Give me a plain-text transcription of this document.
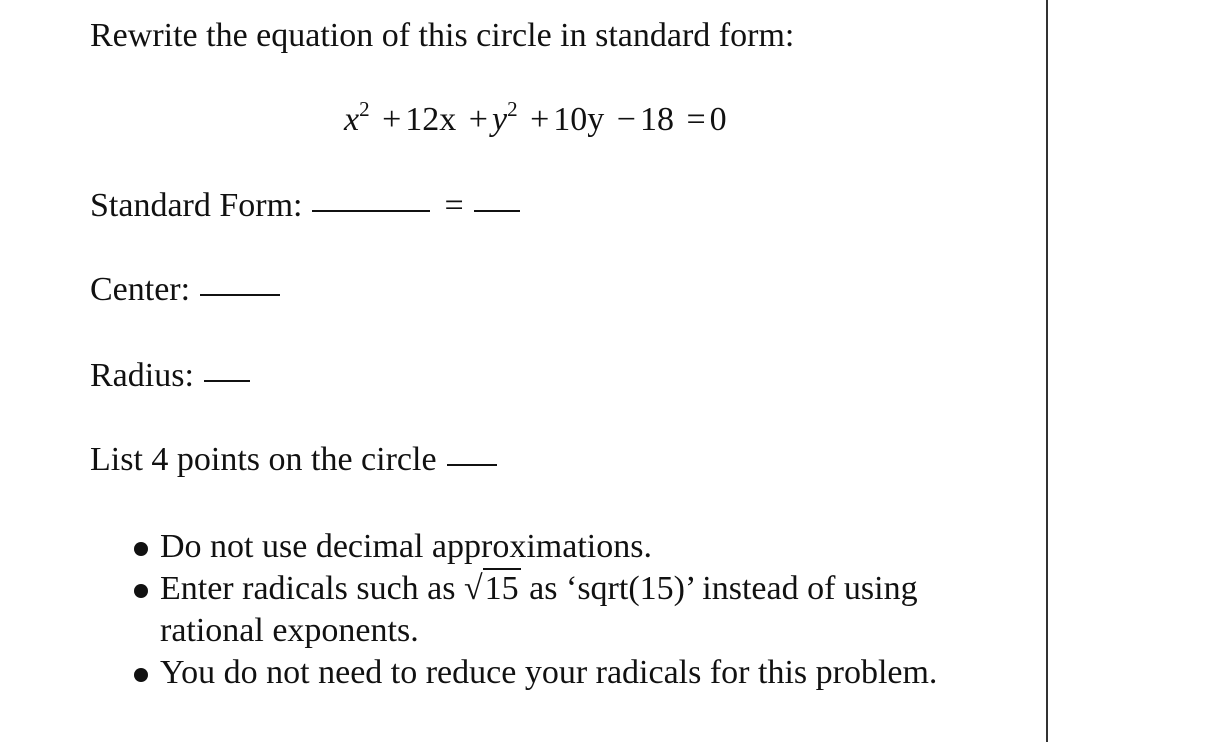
Rewrite the equation of this circle in standard form:
$x^2 + 12x + y^2 + 10y - 18 = 0$
Standard Form:	=
Center:
Radius:
List 4 points on the circle
Do not use decimal approximations.
Enter radicals such as √15 as ‘sqrt(15)’ instead of using rational exponents.
You do not need to reduce your radicals for this problem.
